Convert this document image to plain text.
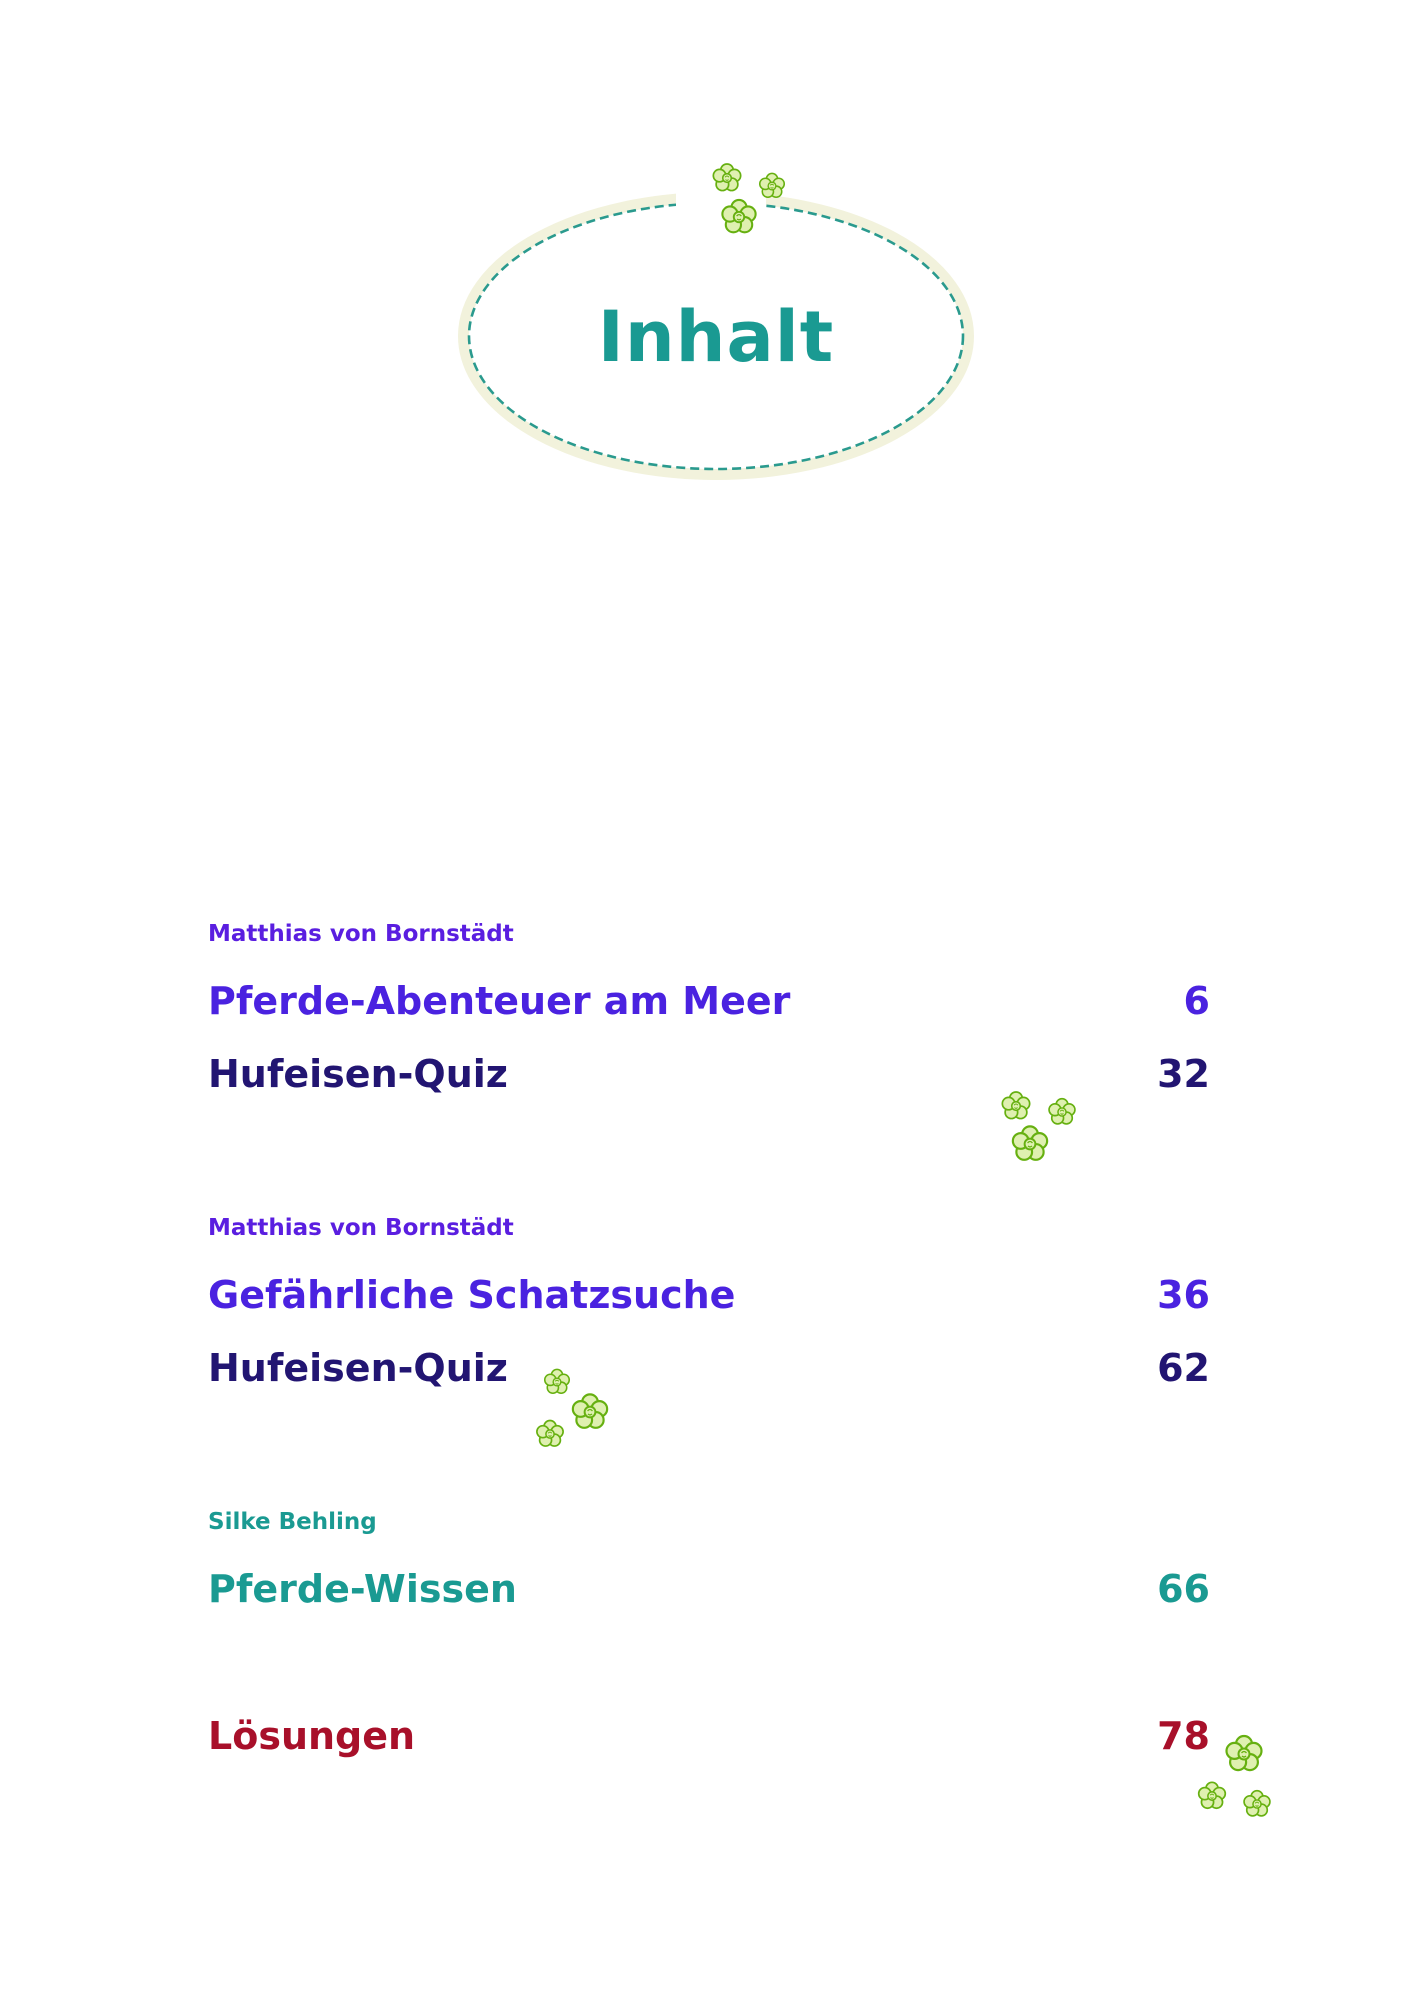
Inhalt
Matthias von Bornstädt
Pferde-Abenteuer am Meer	6
Hufeisen-Quiz	32
Matthias von Bornstädt
Gefährliche Schatzsuche	36
Hufeisen-Quiz	62
Silke Behling
Pferde-Wissen	66
Lösungen	78
